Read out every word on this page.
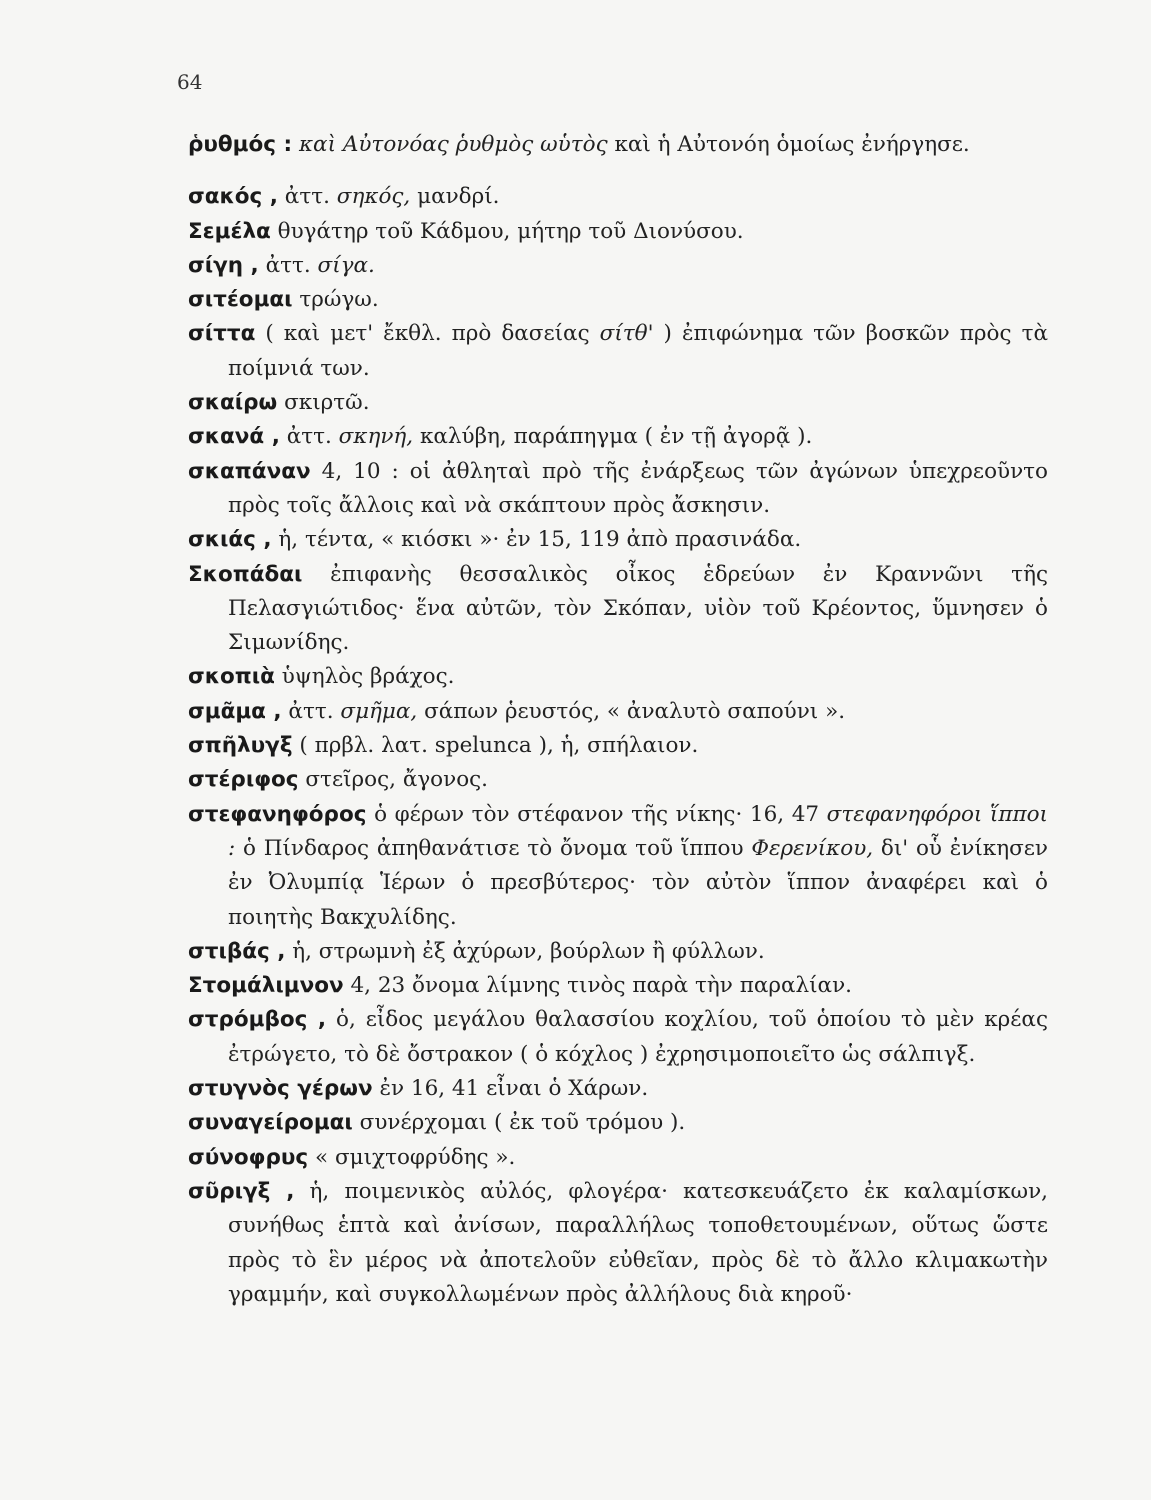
64

ῥυθμός : καὶ Αὐτονόας ῥυθμὸς ωὑτὸς καὶ ἡ Αὐτονόη ὁμοίως ἐνήργησε.

σακός , ἀττ. σηκός, μανδρί.

Σεμέλα θυγάτηρ τοῦ Κάδμου, μήτηρ τοῦ Διονύσου.

σίγη , ἀττ. σίγα.

σιτέομαι τρώγω.

σίττα ( καὶ μετ' ἔκθλ. πρὸ δασείας σίτθ' ) ἐπιφώνημα τῶν βοσκῶν πρὸς τὰ ποίμνιά των.

σκαίρω σκιρτῶ.

σκανά , ἀττ. σκηνή, καλύβη, παράπηγμα ( ἐν τῇ ἀγορᾷ ).

σκαπάναν 4, 10 : οἱ ἀθληταὶ πρὸ τῆς ἐνάρξεως τῶν ἀγώνων ὑπεχρεοῦντο πρὸς τοῖς ἄλλοις καὶ νὰ σκάπτουν πρὸς ἄσκησιν.

σκιάς , ἡ, τέντα, « κιόσκι »· ἐν 15, 119 ἀπὸ πρασινάδα.

Σκοπάδαι ἐπιφανὴς θεσσαλικὸς οἶκος ἑδρεύων ἐν Κραννῶνι τῆς Πελασγιώτιδος· ἕνα αὐτῶν, τὸν Σκόπαν, υἱὸν τοῦ Κρέοντος, ὕμνησεν ὁ Σιμωνίδης.

σκοπιὰ ὑψηλὸς βράχος.

σμᾶμα , ἀττ. σμῆμα, σάπων ῥευστός, « ἀναλυτὸ σαπούνι ».

σπῆλυγξ ( πρβλ. λατ. spelunca ), ἡ, σπήλαιον.

στέριφος στεῖρος, ἄγονος.

στεφανηφόρος ὁ φέρων τὸν στέφανον τῆς νίκης· 16, 47 στεφανηφόροι ἵπποι : ὁ Πίνδαρος ἀπηθανάτισε τὸ ὄνομα τοῦ ἵππου Φερενίκου, δι' οὗ ἐνίκησεν ἐν Ὀλυμπίᾳ Ἱέρων ὁ πρεσβύτερος· τὸν αὐτὸν ἵππον ἀναφέρει καὶ ὁ ποιητὴς Βακχυλίδης.

στιβάς , ἡ, στρωμνὴ ἐξ ἀχύρων, βούρλων ἢ φύλλων.

Στομάλιμνον 4, 23 ὄνομα λίμνης τινὸς παρὰ τὴν παραλίαν.

στρόμβος , ὁ, εἶδος μεγάλου θαλασσίου κοχλίου, τοῦ ὁποίου τὸ μὲν κρέας ἐτρώγετο, τὸ δὲ ὄστρακον ( ὁ κόχλος ) ἐχρησιμοποιεῖτο ὡς σάλπιγξ.

στυγνὸς γέρων ἐν 16, 41 εἶναι ὁ Χάρων.

συναγείρομαι συνέρχομαι ( ἐκ τοῦ τρόμου ).

σύνοφρυς « σμιχτοφρύδης ».

σῦριγξ , ἡ, ποιμενικὸς αὐλός, φλογέρα· κατεσκευάζετο ἐκ καλαμίσκων, συνήθως ἑπτὰ καὶ ἀνίσων, παραλλήλως τοποθετουμένων, οὕτως ὥστε πρὸς τὸ ἓν μέρος νὰ ἀποτελοῦν εὐθεῖαν, πρὸς δὲ τὸ ἄλλο κλιμακωτὴν γραμμήν, καὶ συγκολλωμένων πρὸς ἀλλήλους διὰ κηροῦ·
